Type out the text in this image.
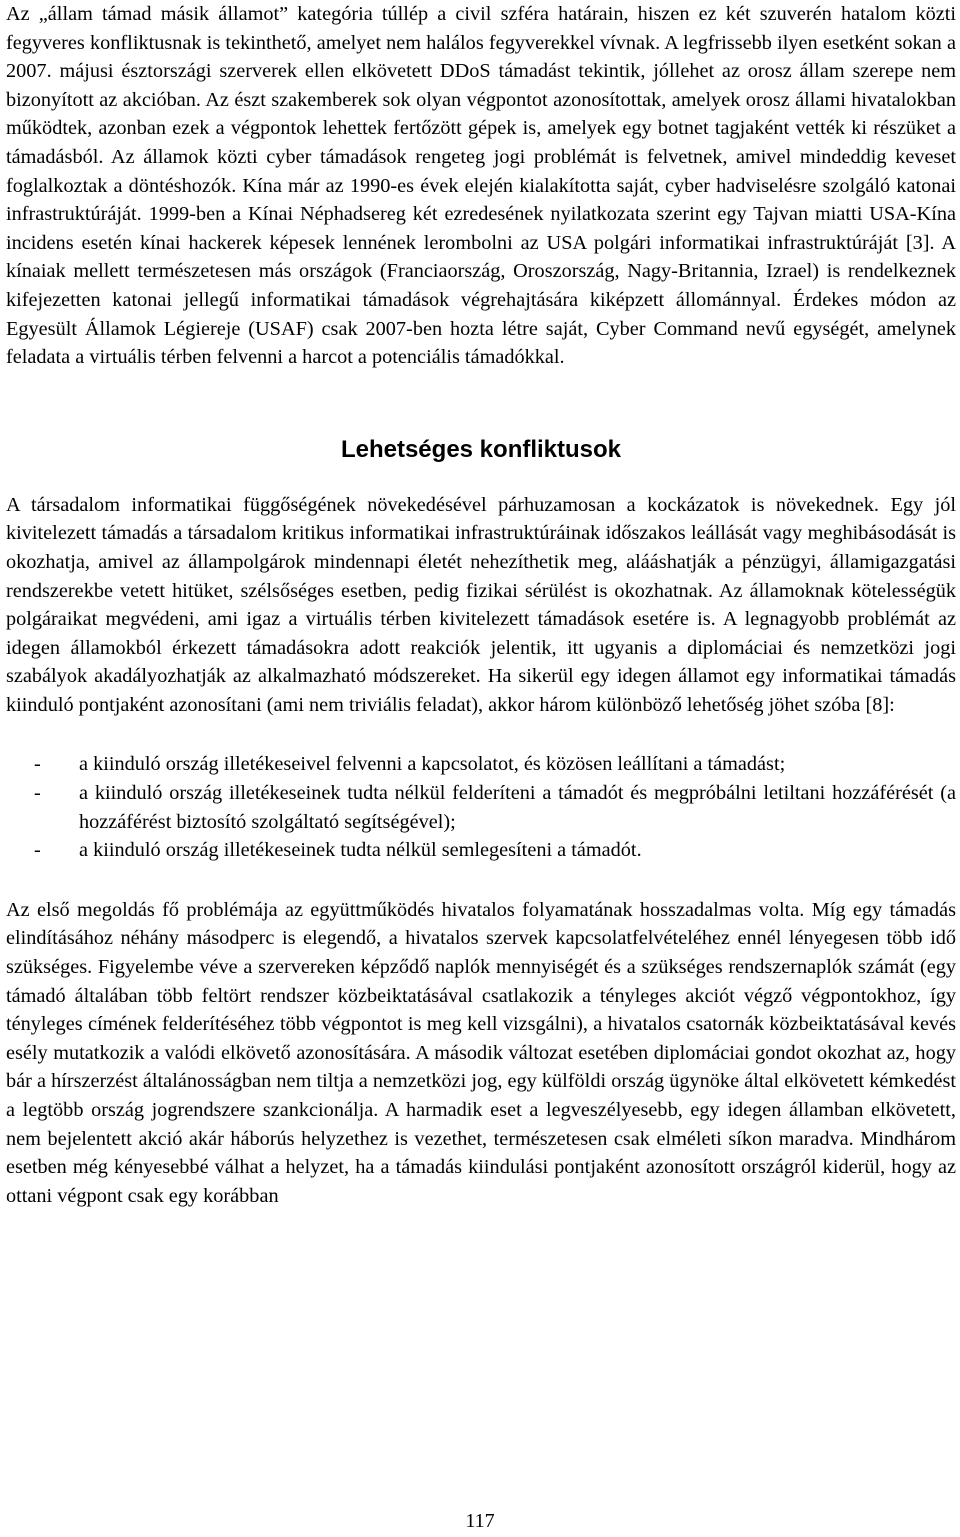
Az „állam támad másik államot” kategória túllép a civil szféra határain, hiszen ez két szuverén hatalom közti fegyveres konfliktusnak is tekinthető, amelyet nem halálos fegyverekkel vívnak. A legfrissebb ilyen esetként sokan a 2007. májusi észtországi szerverek ellen elkövetett DDoS támadást tekintik, jóllehet az orosz állam szerepe nem bizonyított az akcióban. Az észt szakemberek sok olyan végpontot azonosítottak, amelyek orosz állami hivatalokban működtek, azonban ezek a végpontok lehettek fertőzött gépek is, amelyek egy botnet tagjaként vették ki részüket a támadásból. Az államok közti cyber támadások rengeteg jogi problémát is felvetnek, amivel mindeddig keveset foglalkoztak a döntéshozók. Kína már az 1990-es évek elején kialakította saját, cyber hadviselésre szolgáló katonai infrastruktúráját. 1999-ben a Kínai Néphadsereg két ezredesének nyilatkozata szerint egy Tajvan miatti USA-Kína incidens esetén kínai hackerek képesek lennének lerombolni az USA polgári informatikai infrastruktúráját [3]. A kínaiak mellett természetesen más országok (Franciaország, Oroszország, Nagy-Britannia, Izrael) is rendelkeznek kifejezetten katonai jellegű informatikai támadások végrehajtására kiképzett állománnyal. Érdekes módon az Egyesült Államok Légiereje (USAF) csak 2007-ben hozta létre saját, Cyber Command nevű egységét, amelynek feladata a virtuális térben felvenni a harcot a potenciális támadókkal.

Lehetséges konfliktusok

A társadalom informatikai függőségének növekedésével párhuzamosan a kockázatok is növekednek. Egy jól kivitelezett támadás a társadalom kritikus informatikai infrastruktúráinak időszakos leállását vagy meghibásodását is okozhatja, amivel az állampolgárok mindennapi életét nehezíthetik meg, alááshatják a pénzügyi, államigazgatási rendszerekbe vetett hitüket, szélsőséges esetben, pedig fizikai sérülést is okozhatnak. Az államoknak kötelességük polgáraikat megvédeni, ami igaz a virtuális térben kivitelezett támadások esetére is. A legnagyobb problémát az idegen államokból érkezett támadásokra adott reakciók jelentik, itt ugyanis a diplomáciai és nemzetközi jogi szabályok akadályozhatják az alkalmazható módszereket. Ha sikerül egy idegen államot egy informatikai támadás kiinduló pontjaként azonosítani (ami nem triviális feladat), akkor három különböző lehetőség jöhet szóba [8]:

- a kiinduló ország illetékeseivel felvenni a kapcsolatot, és közösen leállítani a támadást;
- a kiinduló ország illetékeseinek tudta nélkül felderíteni a támadót és megpróbálni letiltani hozzáférését (a hozzáférést biztosító szolgáltató segítségével);
- a kiinduló ország illetékeseinek tudta nélkül semlegesíteni a támadót.

Az első megoldás fő problémája az együttműködés hivatalos folyamatának hosszadalmas volta. Míg egy támadás elindításához néhány másodperc is elegendő, a hivatalos szervek kapcsolatfelvételéhez ennél lényegesen több idő szükséges. Figyelembe véve a szervereken képződő naplók mennyiségét és a szükséges rendszernaplók számát (egy támadó általában több feltört rendszer közbeiktatásával csatlakozik a tényleges akciót végző végpontokhoz, így tényleges címének felderítéséhez több végpontot is meg kell vizsgálni), a hivatalos csatornák közbeiktatásával kevés esély mutatkozik a valódi elkövető azonosítására. A második változat esetében diplomáciai gondot okozhat az, hogy bár a hírszerzést általánosságban nem tiltja a nemzetközi jog, egy külföldi ország ügynöke által elkövetett kémkedést a legtöbb ország jogrendszere szankcionálja. A harmadik eset a legveszélyesebb, egy idegen államban elkövetett, nem bejelentett akció akár háborús helyzethez is vezethet, természetesen csak elméleti síkon maradva. Mindhárom esetben még kényesebbé válhat a helyzet, ha a támadás kiindulási pontjaként azonosított országról kiderül, hogy az ottani végpont csak egy korábban

117
